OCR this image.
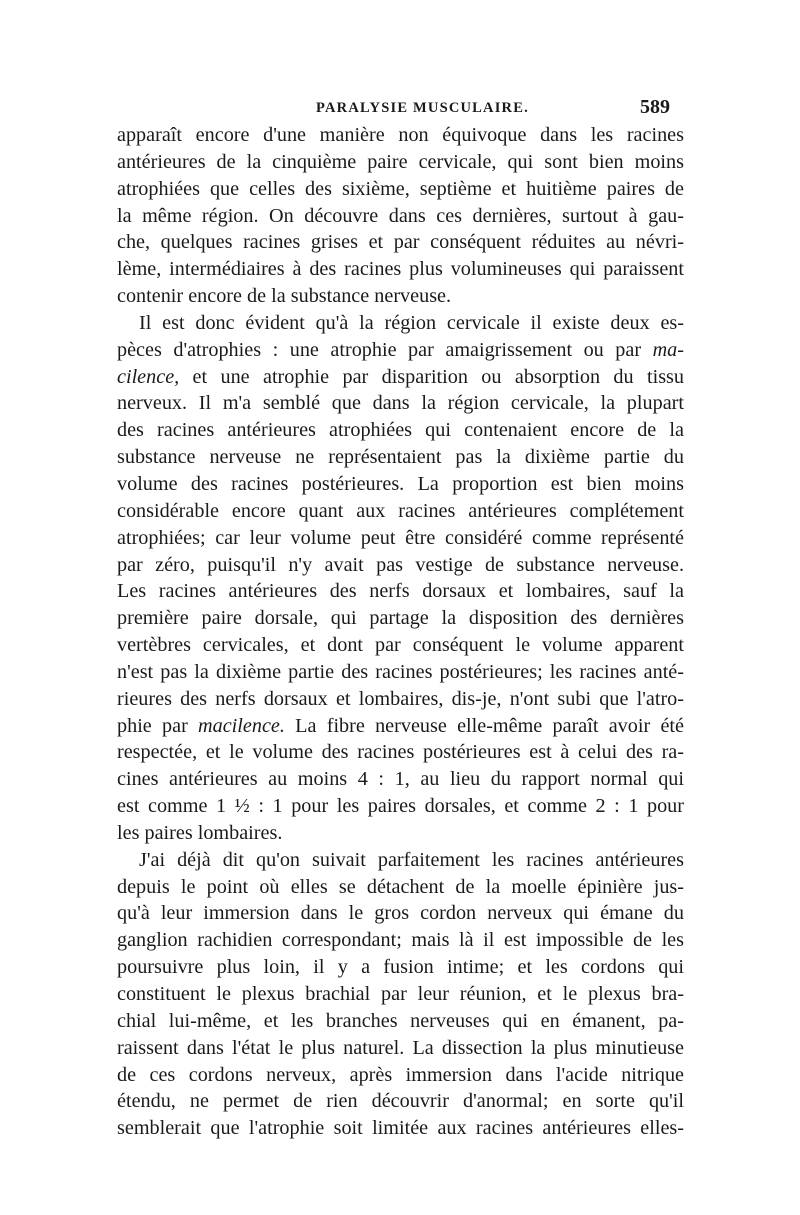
PARALYSIE MUSCULAIRE.	589
apparaît encore d'une manière non équivoque dans les racines
antérieures de la cinquième paire cervicale, qui sont bien moins
atrophiées que celles des sixième, septième et huitième paires de
la même région. On découvre dans ces dernières, surtout à gau-
che, quelques racines grises et par conséquent réduites au névri-
lème, intermédiaires à des racines plus volumineuses qui paraissent
contenir encore de la substance nerveuse.
Il est donc évident qu'à la région cervicale il existe deux es-
pèces d'atrophies : une atrophie par amaigrissement ou par ma-
cilence, et une atrophie par disparition ou absorption du tissu
nerveux. Il m'a semblé que dans la région cervicale, la plupart
des racines antérieures atrophiées qui contenaient encore de la
substance nerveuse ne représentaient pas la dixième partie du
volume des racines postérieures. La proportion est bien moins
considérable encore quant aux racines antérieures complétement
atrophiées; car leur volume peut être considéré comme représenté
par zéro, puisqu'il n'y avait pas vestige de substance nerveuse.
Les racines antérieures des nerfs dorsaux et lombaires, sauf la
première paire dorsale, qui partage la disposition des dernières
vertèbres cervicales, et dont par conséquent le volume apparent
n'est pas la dixième partie des racines postérieures; les racines anté-
rieures des nerfs dorsaux et lombaires, dis-je, n'ont subi que l'atro-
phie par macilence. La fibre nerveuse elle-même paraît avoir été
respectée, et le volume des racines postérieures est à celui des ra-
cines antérieures au moins 4 : 1, au lieu du rapport normal qui
est comme 1 ½ : 1 pour les paires dorsales, et comme 2 : 1 pour
les paires lombaires.
J'ai déjà dit qu'on suivait parfaitement les racines antérieures
depuis le point où elles se détachent de la moelle épinière jus-
qu'à leur immersion dans le gros cordon nerveux qui émane du
ganglion rachidien correspondant; mais là il est impossible de les
poursuivre plus loin, il y a fusion intime; et les cordons qui
constituent le plexus brachial par leur réunion, et le plexus bra-
chial lui-même, et les branches nerveuses qui en émanent, pa-
raissent dans l'état le plus naturel. La dissection la plus minutieuse
de ces cordons nerveux, après immersion dans l'acide nitrique
étendu, ne permet de rien découvrir d'anormal; en sorte qu'il
semblerait que l'atrophie soit limitée aux racines antérieures elles-
